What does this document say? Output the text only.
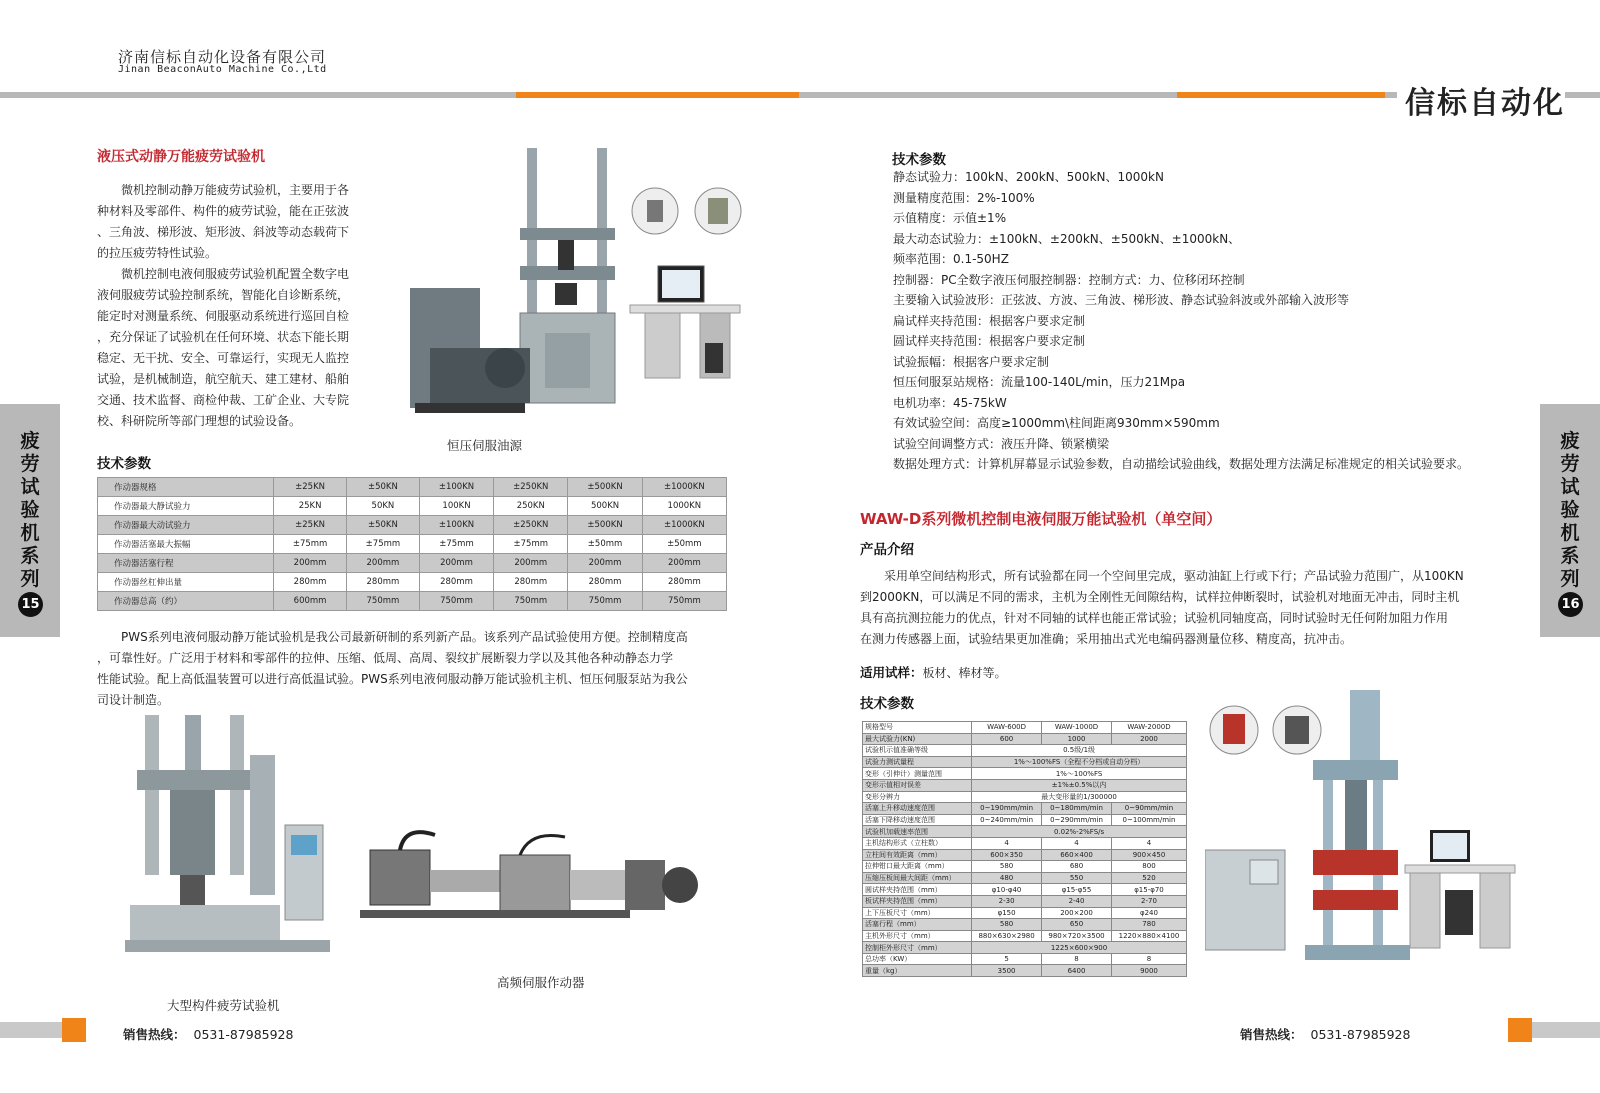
济南信标自动化设备有限公司
Jinan BeaconAuto Machine Co.,Ltd
信标自动化
疲劳试验机系列
15
疲劳试验机系列
16
液压式动静万能疲劳试验机
　　微机控制动静万能疲劳试验机，主要用于各
种材料及零部件、构件的疲劳试验，能在正弦波
、三角波、梯形波、矩形波、斜波等动态载荷下
的拉压疲劳特性试验。
　　微机控制电液伺服疲劳试验机配置全数字电
液伺服疲劳试验控制系统，智能化自诊断系统，
能定时对测量系统、伺服驱动系统进行巡回自检
，充分保证了试验机在任何环境、状态下能长期
稳定、无干扰、安全、可靠运行，实现无人监控
试验，是机械制造，航空航天、建工建材、船舶
交通、技术监督、商检仲裁、工矿企业、大专院
校、科研院所等部门理想的试验设备。
恒压伺服油源
技术参数
作动器规格	±25KN	±50KN	±100KN	±250KN	±500KN	±1000KN
作动器最大静试验力	25KN	50KN	100KN	250KN	500KN	1000KN
作动器最大动试验力	±25KN	±50KN	±100KN	±250KN	±500KN	±1000KN
作动器活塞最大振幅	±75mm	±75mm	±75mm	±75mm	±50mm	±50mm
作动器活塞行程	200mm	200mm	200mm	200mm	200mm	200mm
作动器丝杠伸出量	280mm	280mm	280mm	280mm	280mm	280mm
作动器总高（约）	600mm	750mm	750mm	750mm	750mm	750mm
　　PWS系列电液伺服动静万能试验机是我公司最新研制的系列新产品。该系列产品试验使用方便。控制精度高
，可靠性好。广泛用于材料和零部件的拉伸、压缩、低周、高周、裂纹扩展断裂力学以及其他各种动静态力学
性能试验。配上高低温装置可以进行高低温试验。PWS系列电液伺服动静万能试验机主机、恒压伺服泵站为我公
司设计制造。
大型构件疲劳试验机
高频伺服作动器
技术参数
静态试验力：100kN、200kN、500kN、1000kN
测量精度范围：2%-100%
示值精度：示值±1%
最大动态试验力：±100kN、±200kN、±500kN、±1000kN、
频率范围：0.1-50HZ
控制器：PC全数字液压伺服控制器：控制方式：力、位移闭环控制
主要输入试验波形：正弦波、方波、三角波、梯形波、静态试验斜波或外部输入波形等
扁试样夹持范围：根据客户要求定制
圆试样夹持范围：根据客户要求定制
试验振幅：根据客户要求定制
恒压伺服泵站规格：流量100-140L/min，压力21Mpa
电机功率：45-75kW
有效试验空间：高度≥1000mm\柱间距离930mm×590mm
试验空间调整方式：液压升降、锁紧横梁
数据处理方式：计算机屏幕显示试验参数，自动描绘试验曲线，数据处理方法满足标准规定的相关试验要求。
WAW-D系列微机控制电液伺服万能试验机（单空间）
产品介绍
　　采用单空间结构形式，所有试验都在同一个空间里完成，驱动油缸上行或下行；产品试验力范围广，从100KN
到2000KN，可以满足不同的需求，主机为全刚性无间隙结构，试样拉伸断裂时，试验机对地面无冲击，同时主机
具有高抗测拉能力的优点，针对不同轴的试样也能正常试验；试验机同轴度高，同时试验时无任何附加阻力作用
在测力传感器上面，试验结果更加准确；采用抽出式光电编码器测量位移、精度高，抗冲击。
适用试样：板材、棒材等。
技术参数
规格型号	WAW-600D	WAW-1000D	WAW-2000D
最大试验力(KN)	600	1000	2000
试验机示值准确等级	0.5级/1级		
试验力测试量程	1%～100%FS（全程不分档或自动分档）		
变形（引伸计）测量范围	1%～100%FS		
变形示值相对误差	±1%±0.5%以内		
变形分辨力	最大变形量的1/300000		
活塞上升移动速度范围	0~190mm/min	0~180mm/min	0~90mm/min
活塞下降移动速度范围	0~240mm/min	0~290mm/min	0~100mm/min
试验机加载速率范围	0.02%-2%FS/s		
主机结构形式（立柱数）	4	4	4
立柱间有效距离（mm）	600×350	660×400	900×450
拉伸钳口最大距离（mm）	580	680	800
压缩压板间最大间距（mm）	480	550	520
圆试样夹持范围（mm）	φ10-φ40	φ15-φ55	φ15-φ70
板试样夹持范围（mm）	2-30	2-40	2-70
上下压板尺寸（mm）	φ150	200×200	φ240
活塞行程（mm）	580	650	780
主机外形尺寸（mm）	880×630×2980	980×720×3500	1220×880×4100
控制柜外形尺寸（mm）	1225×600×900		
总功率（KW）	5	8	8
重量（kg）	3500	6400	9000
销售热线： 0531-87985928	销售热线： 0531-87985928
